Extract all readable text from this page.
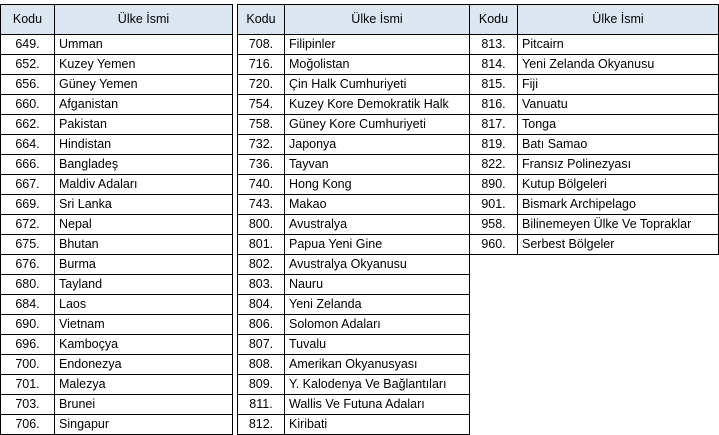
Kodu	Ülke İsmi
649.	Umman
652.	Kuzey Yemen
656.	Güney Yemen
660.	Afganistan
662.	Pakistan
664.	Hindistan
666.	Bangladeş
667.	Maldiv Adaları
669.	Sri Lanka
672.	Nepal
675.	Bhutan
676.	Burma
680.	Tayland
684.	Laos
690.	Vietnam
696.	Kamboçya
700.	Endonezya
701.	Malezya
703.	Brunei
706.	Singapur
Kodu	Ülke İsmi
708.	Filipinler
716.	Moğolistan
720.	Çin Halk Cumhuriyeti
754.	Kuzey Kore Demokratik Halk
758.	Güney Kore Cumhuriyeti
732.	Japonya
736.	Tayvan
740.	Hong Kong
743.	Makao
800.	Avustralya
801.	Papua Yeni Gine
802.	Avustralya Okyanusu
803.	Nauru
804.	Yeni Zelanda
806.	Solomon Adaları
807.	Tuvalu
808.	Amerikan Okyanusyası
809.	Y. Kalodenya Ve Bağlantıları
811.	Wallis Ve Futuna Adaları
812.	Kiribati
Kodu	Ülke İsmi
813.	Pitcairn
814.	Yeni Zelanda Okyanusu
815.	Fiji
816.	Vanuatu
817.	Tonga
819.	Batı Samao
822.	Fransız Polinezyası
890.	Kutup Bölgeleri
901.	Bismark Archipelago
958.	Bilinemeyen Ülke Ve Topraklar
960.	Serbest Bölgeler
